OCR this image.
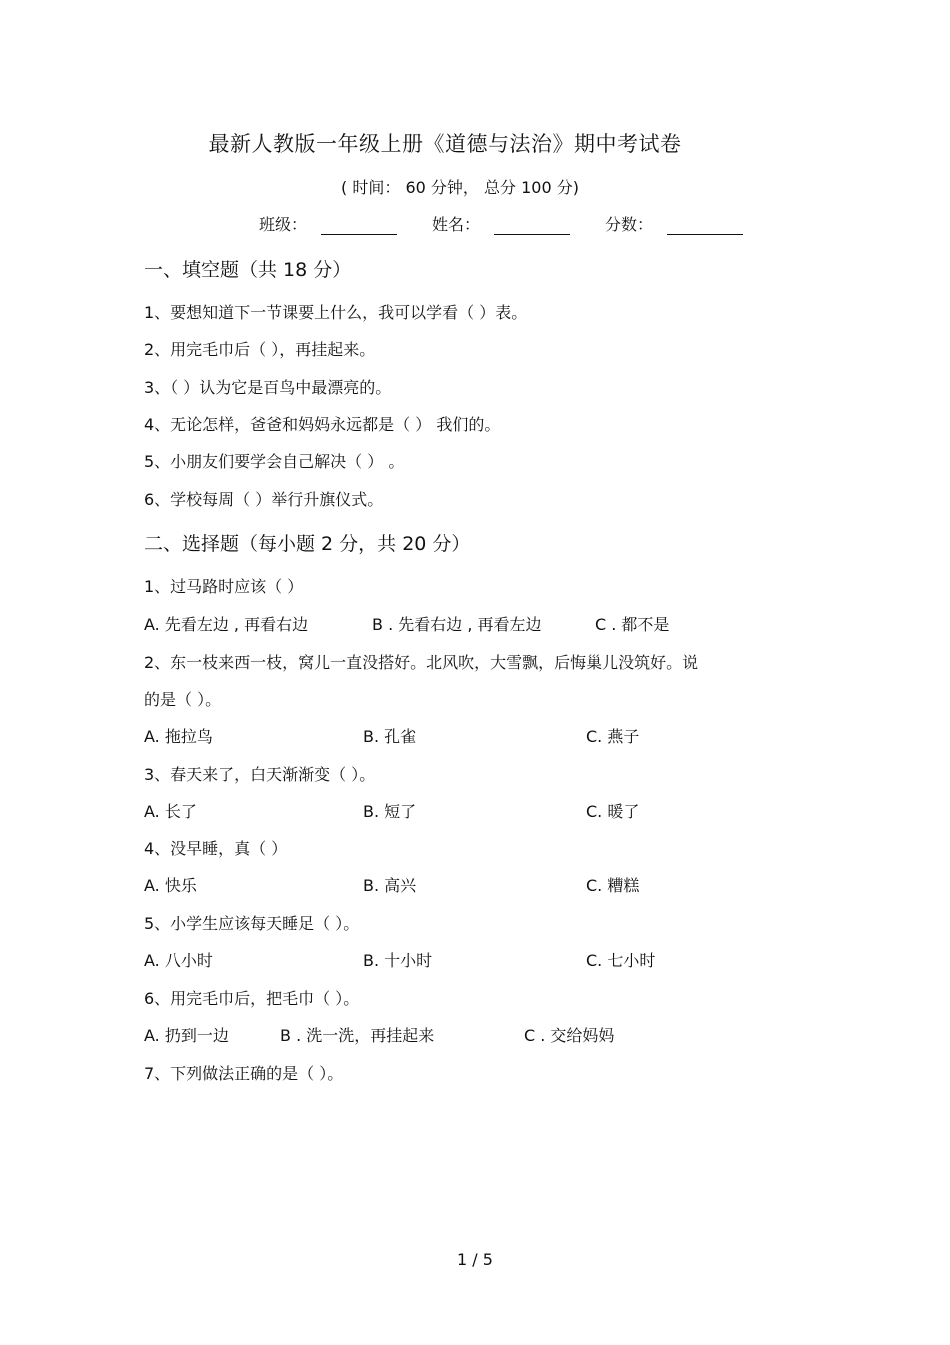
最新人教版一年级上册《道德与法治》期中考试卷
( 时间： 60 分钟， 总分 100 分)
班级：	姓名：	分数：
一、填空题（共 18 分）
1、要想知道下一节课要上什么，我可以学看（ ）表。
2、用完毛巾后（ ），再挂起来。
3、（ ）认为它是百鸟中最漂亮的。
4、无论怎样，爸爸和妈妈永远都是（ ） 我们的。
5、小朋友们要学会自己解决（ ） 。
6、学校每周（ ）举行升旗仪式。
二、选择题（每小题 2 分，共 20 分）
1、过马路时应该（ ）
A. 先看左边 , 再看右边	B . 先看右边 , 再看左边	C . 都不是
2、东一枝来西一枝，窝儿一直没搭好。北风吹，大雪飘，后悔巢儿没筑好。说
的是（ ）。
A. 拖拉鸟	B. 孔雀	C. 燕子
3、春天来了，白天渐渐变（ ）。
A. 长了	B. 短了	C. 暖了
4、没早睡，真（ ）
A. 快乐	B. 高兴	C. 糟糕
5、小学生应该每天睡足（ ）。
A. 八小时	B. 十小时	C. 七小时
6、用完毛巾后，把毛巾（ ）。
A. 扔到一边	B . 洗一洗，再挂起来	C . 交给妈妈
7、下列做法正确的是（ ）。
1 / 5
